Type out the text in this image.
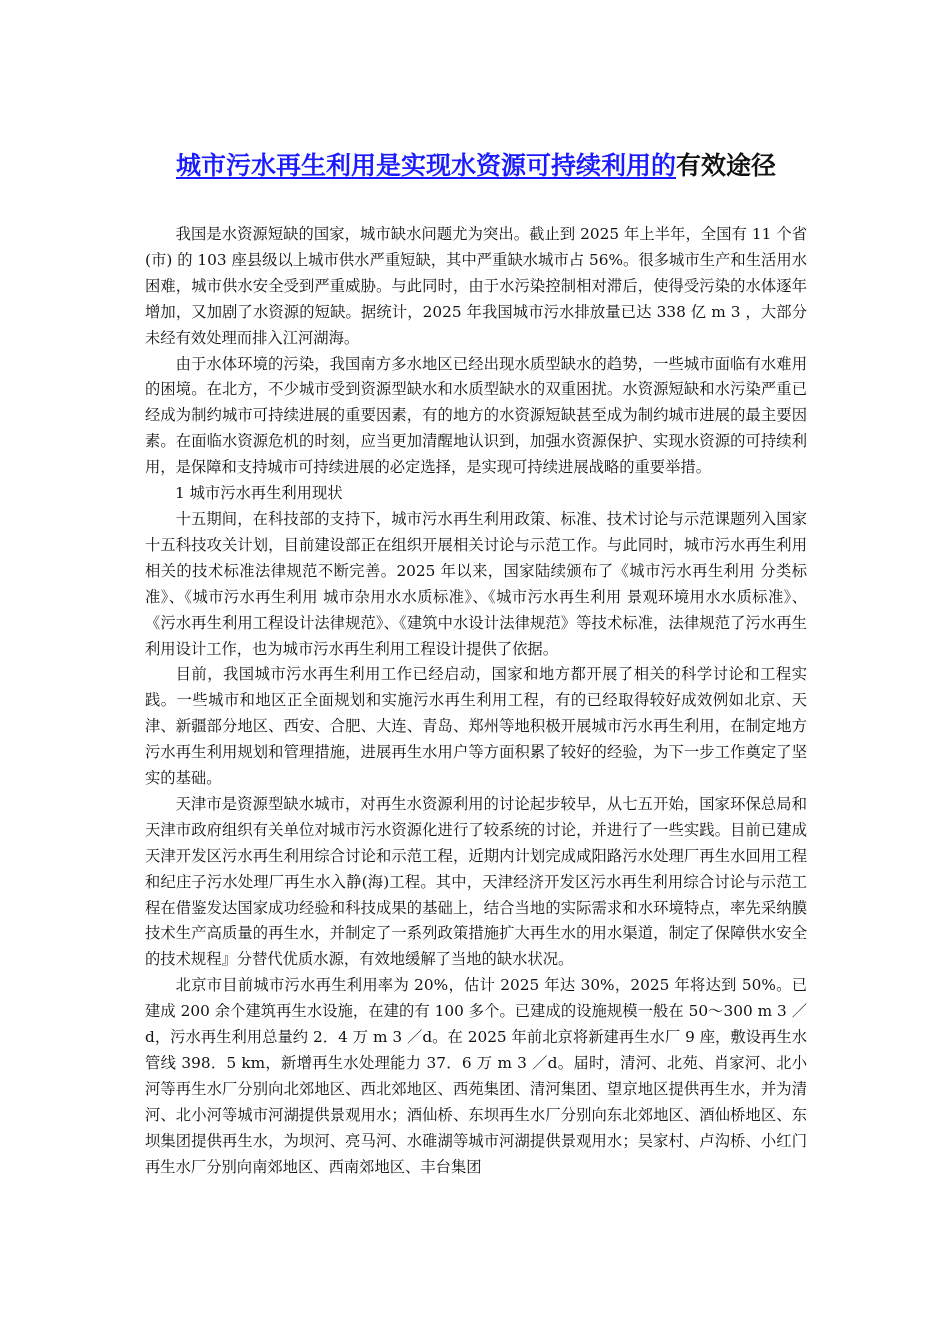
城市污水再生利用是实现水资源可持续利用的有效途径

我国是水资源短缺的国家，城市缺水问题尤为突出。截止到 2025 年上半年，全国有 11 个省(市) 的 103 座县级以上城市供水严重短缺，其中严重缺水城市占 56%。很多城市生产和生活用水困难，城市供水安全受到严重威胁。与此同时，由于水污染控制相对滞后，使得受污染的水体逐年增加，又加剧了水资源的短缺。据统计，2025 年我国城市污水排放量已达 338 亿 m 3 ，大部分未经有效处理而排入江河湖海。

由于水体环境的污染，我国南方多水地区已经出现水质型缺水的趋势，一些城市面临有水难用的困境。在北方，不少城市受到资源型缺水和水质型缺水的双重困扰。水资源短缺和水污染严重已经成为制约城市可持续进展的重要因素，有的地方的水资源短缺甚至成为制约城市进展的最主要因素。在面临水资源危机的时刻，应当更加清醒地认识到，加强水资源保护、实现水资源的可持续利用，是保障和支持城市可持续进展的必定选择，是实现可持续进展战略的重要举措。

1 城市污水再生利用现状

十五期间，在科技部的支持下，城市污水再生利用政策、标准、技术讨论与示范课题列入国家十五科技攻关计划，目前建设部正在组织开展相关讨论与示范工作。与此同时，城市污水再生利用相关的技术标准法律规范不断完善。2025 年以来，国家陆续颁布了《城市污水再生利用 分类标准》、《城市污水再生利用 城市杂用水水质标准》、《城市污水再生利用 景观环境用水水质标准》、《污水再生利用工程设计法律规范》、《建筑中水设计法律规范》等技术标准，法律规范了污水再生利用设计工作，也为城市污水再生利用工程设计提供了依据。

目前，我国城市污水再生利用工作已经启动，国家和地方都开展了相关的科学讨论和工程实践。一些城市和地区正全面规划和实施污水再生利用工程，有的已经取得较好成效例如北京、天津、新疆部分地区、西安、合肥、大连、青岛、郑州等地积极开展城市污水再生利用，在制定地方污水再生利用规划和管理措施，进展再生水用户等方面积累了较好的经验，为下一步工作奠定了坚实的基础。

天津市是资源型缺水城市，对再生水资源利用的讨论起步较早，从七五开始，国家环保总局和天津市政府组织有关单位对城市污水资源化进行了较系统的讨论，并进行了一些实践。目前已建成天津开发区污水再生利用综合讨论和示范工程，近期内计划完成咸阳路污水处理厂再生水回用工程和纪庄子污水处理厂再生水入静(海)工程。其中，天津经济开发区污水再生利用综合讨论与示范工程在借鉴发达国家成功经验和科技成果的基础上，结合当地的实际需求和水环境特点，率先采纳膜技术生产高质量的再生水，并制定了一系列政策措施扩大再生水的用水渠道，制定了保障供水安全的技术规程』分替代优质水源，有效地缓解了当地的缺水状况。

北京市目前城市污水再生利用率为 20%，估计 2025 年达 30%，2025 年将达到 50%。已建成 200 余个建筑再生水设施，在建的有 100 多个。已建成的设施规模一般在 50～300 m 3 ／d，污水再生利用总量约 2．4 万 m 3 ／d。在 2025 年前北京将新建再生水厂 9 座，敷设再生水管线 398．5 km，新增再生水处理能力 37．6 万 m 3 ／d。届时，清河、北苑、肖家河、北小河等再生水厂分别向北郊地区、西北郊地区、西苑集团、清河集团、望京地区提供再生水，并为清河、北小河等城市河湖提供景观用水；酒仙桥、东坝再生水厂分别向东北郊地区、酒仙桥地区、东坝集团提供再生水，为坝河、亮马河、水碓湖等城市河湖提供景观用水；吴家村、卢沟桥、小红门再生水厂分别向南郊地区、西南郊地区、丰台集团
